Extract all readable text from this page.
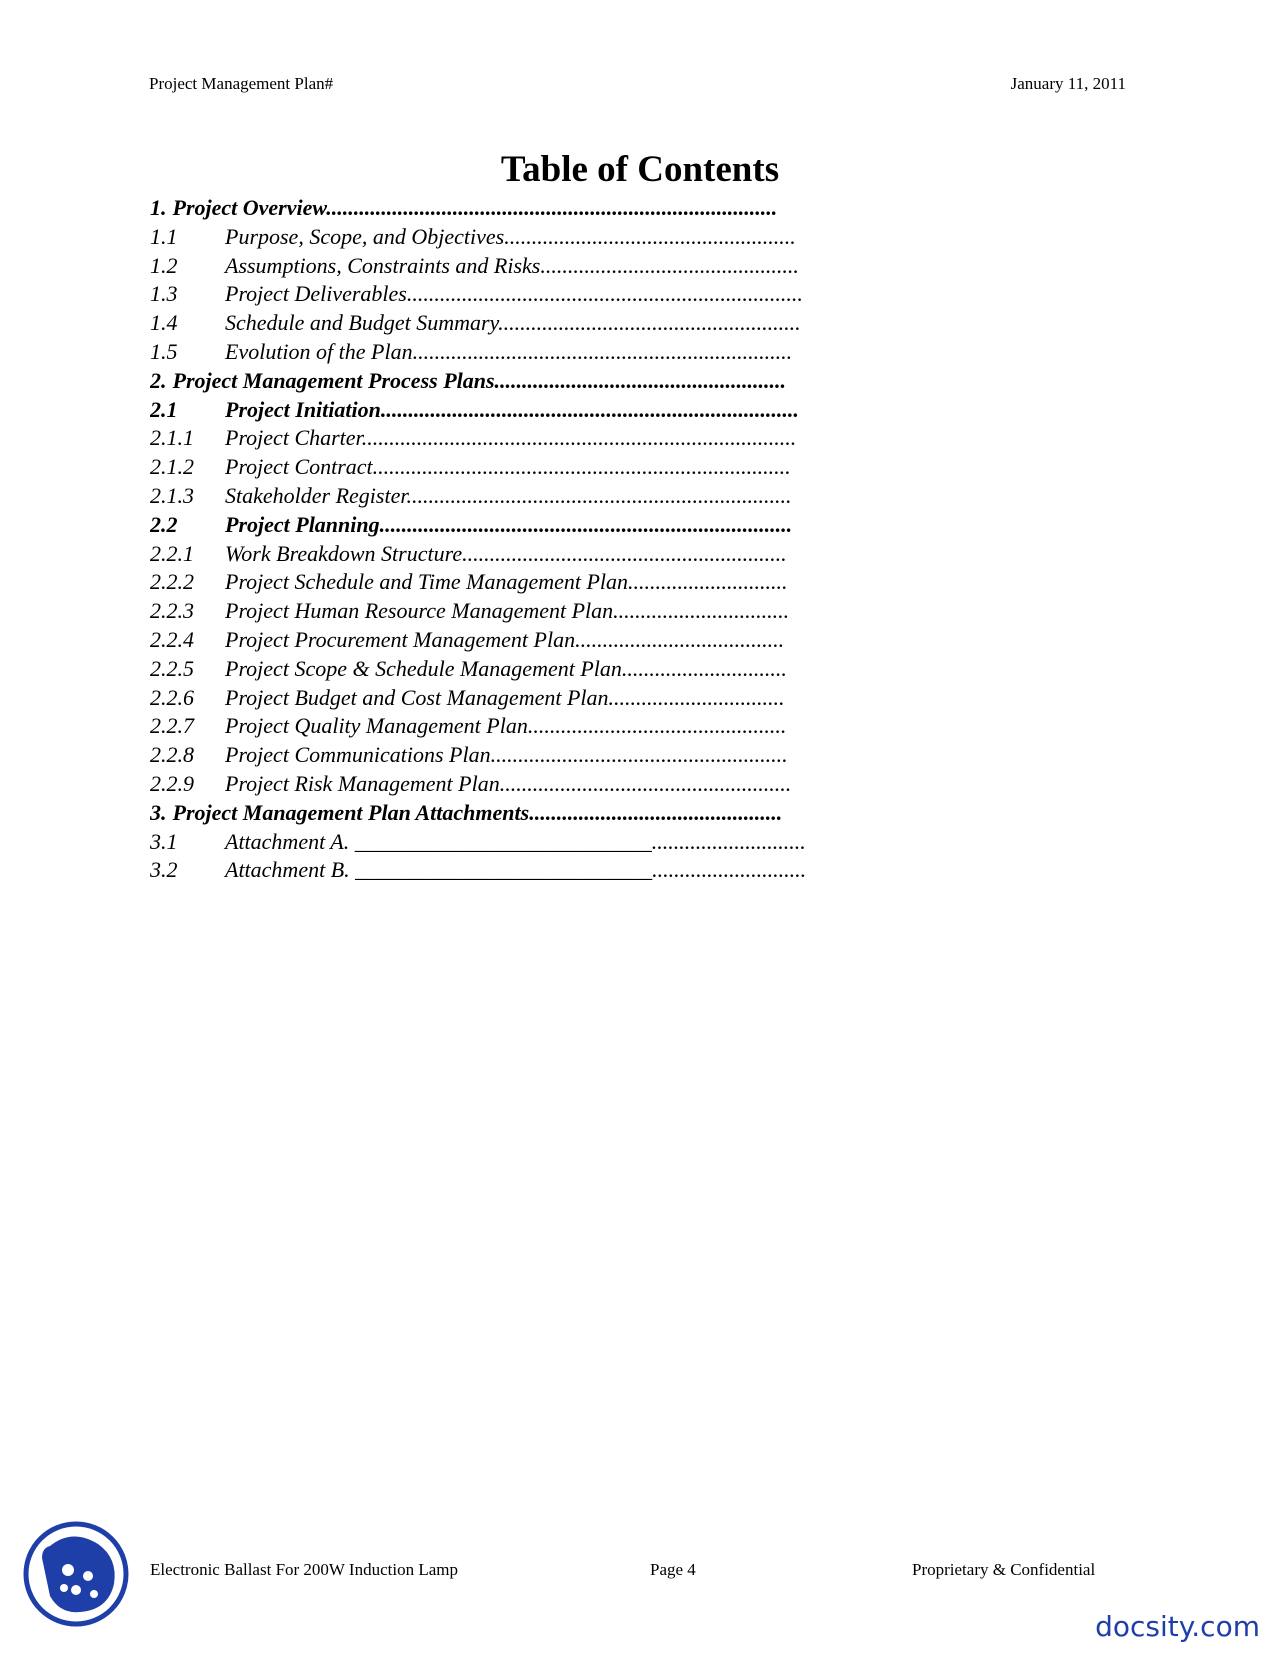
Project Management Plan#	January 11, 2011
Table of Contents
1. Project Overview..................................................................................
1.1 Purpose, Scope, and Objectives.....................................................
1.2 Assumptions, Constraints and Risks...............................................
1.3 Project Deliverables........................................................................
1.4 Schedule and Budget Summary.......................................................
1.5 Evolution of the Plan.....................................................................
2. Project Management Process Plans.....................................................
2.1 Project Initiation............................................................................
2.1.1 Project Charter...............................................................................
2.1.2 Project Contract............................................................................
2.1.3 Stakeholder Register......................................................................
2.2 Project Planning...........................................................................
2.2.1 Work Breakdown Structure...........................................................
2.2.2 Project Schedule and Time Management Plan.............................
2.2.3 Project Human Resource Management Plan................................
2.2.4 Project Procurement Management Plan......................................
2.2.5 Project Scope & Schedule Management Plan..............................
2.2.6 Project Budget and Cost Management Plan................................
2.2.7 Project Quality Management Plan...............................................
2.2.8 Project Communications Plan......................................................
2.2.9 Project Risk Management Plan.....................................................
3. Project Management Plan Attachments..............................................
3.1 Attachment A. ___________________________............................
3.2 Attachment B. ___________________________............................
Electronic Ballast For 200W Induction Lamp	Page 4	Proprietary & Confidential
docsity.com
